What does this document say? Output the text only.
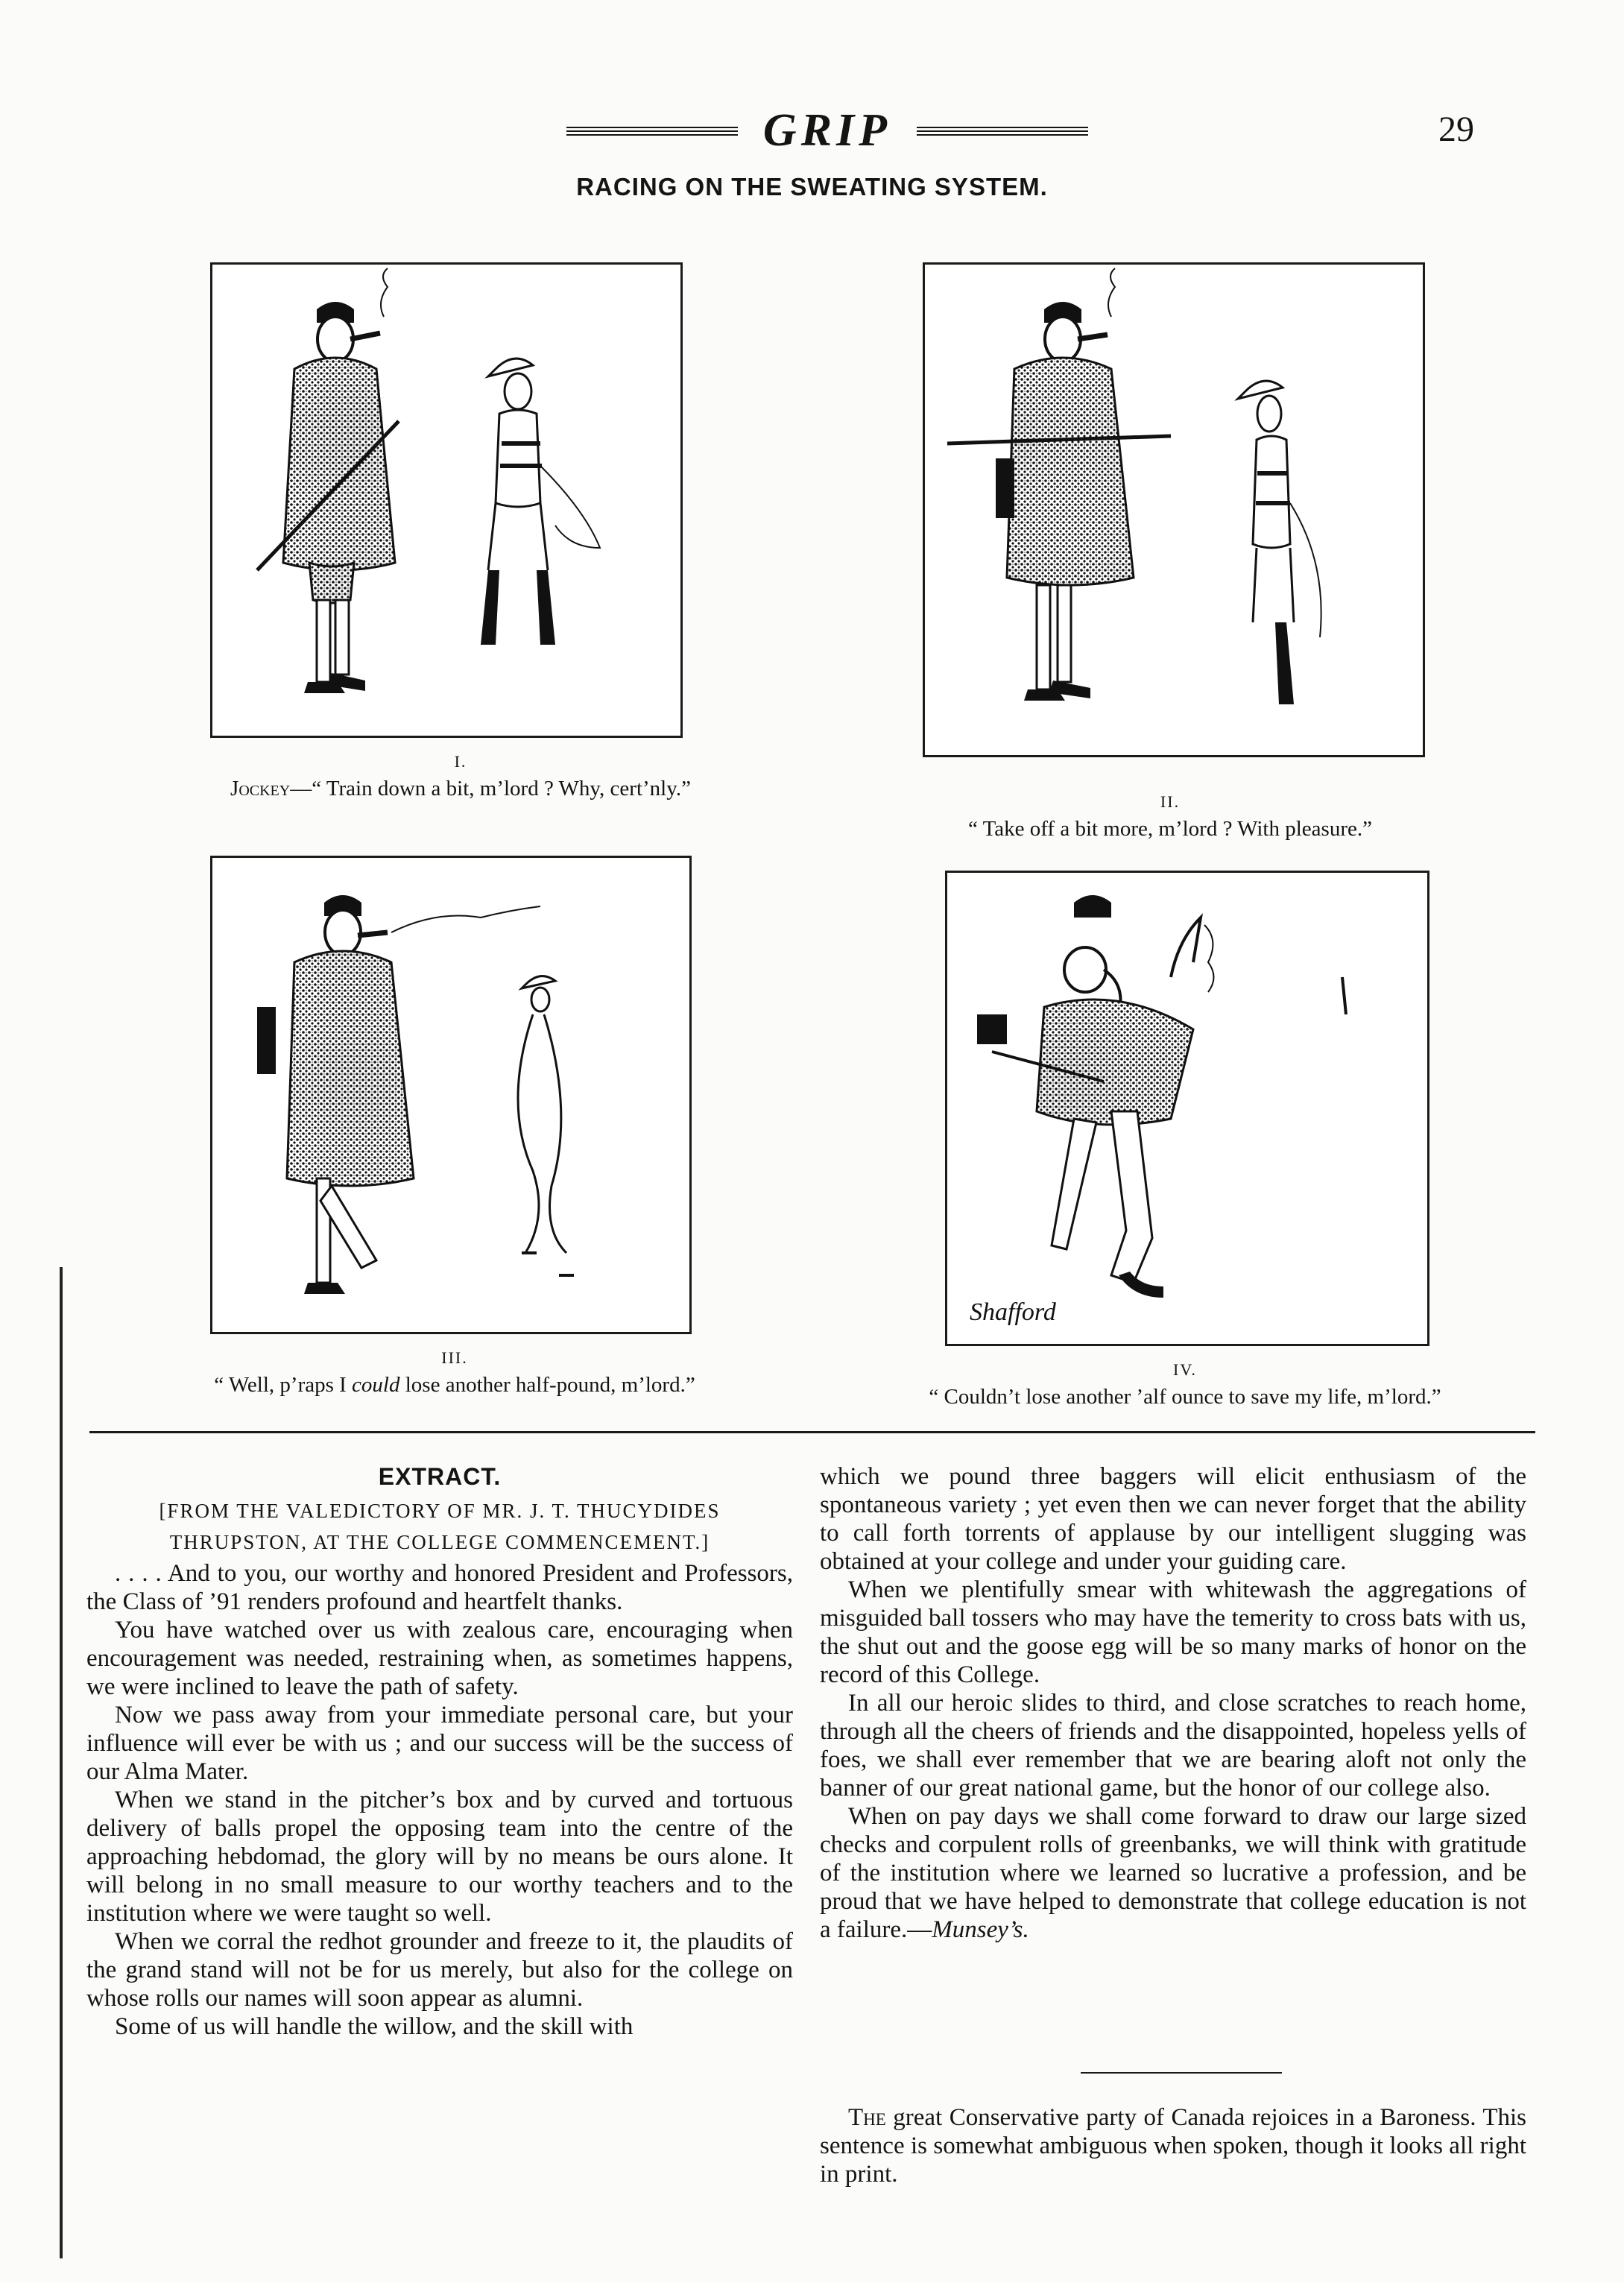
GRIP	29
RACING ON THE SWEATING SYSTEM.
I.
Jockey—“ Train down a bit, m’lord ? Why, cert’nly.”
II.
“ Take off a bit more, m’lord ? With pleasure.”
III.
“ Well, p’raps I could lose another half-pound, m’lord.”
Shafford
IV.
“ Couldn’t lose another ’alf ounce to save my life, m’lord.”
EXTRACT.
[FROM THE VALEDICTORY OF MR. J. T. THUCYDIDES
THRUPSTON, AT THE COLLEGE COMMENCEMENT.]

. . . . And to you, our worthy and honored President and Professors, the Class of ’91 renders profound and heartfelt thanks.

You have watched over us with zealous care, encouraging when encouragement was needed, restraining when, as sometimes happens, we were inclined to leave the path of safety.

Now we pass away from your immediate personal care, but your influence will ever be with us ; and our success will be the success of our Alma Mater.

When we stand in the pitcher’s box and by curved and tortuous delivery of balls propel the opposing team into the centre of the approaching hebdomad, the glory will by no means be ours alone. It will belong in no small measure to our worthy teachers and to the institution where we were taught so well.

When we corral the redhot grounder and freeze to it, the plaudits of the grand stand will not be for us merely, but also for the college on whose rolls our names will soon appear as alumni.

Some of us will handle the willow, and the skill with

which we pound three baggers will elicit enthusiasm of the spontaneous variety ; yet even then we can never forget that the ability to call forth torrents of applause by our intelligent slugging was obtained at your college and under your guiding care.

When we plentifully smear with whitewash the aggregations of misguided ball tossers who may have the temerity to cross bats with us, the shut out and the goose egg will be so many marks of honor on the record of this College.

In all our heroic slides to third, and close scratches to reach home, through all the cheers of friends and the disappointed, hopeless yells of foes, we shall ever remember that we are bearing aloft not only the banner of our great national game, but the honor of our college also.

When on pay days we shall come forward to draw our large sized checks and corpulent rolls of greenbanks, we will think with gratitude of the institution where we learned so lucrative a profession, and be proud that we have helped to demonstrate that college education is not a failure.—Munsey’s.

The great Conservative party of Canada rejoices in a Baroness. This sentence is somewhat ambiguous when spoken, though it looks all right in print.
